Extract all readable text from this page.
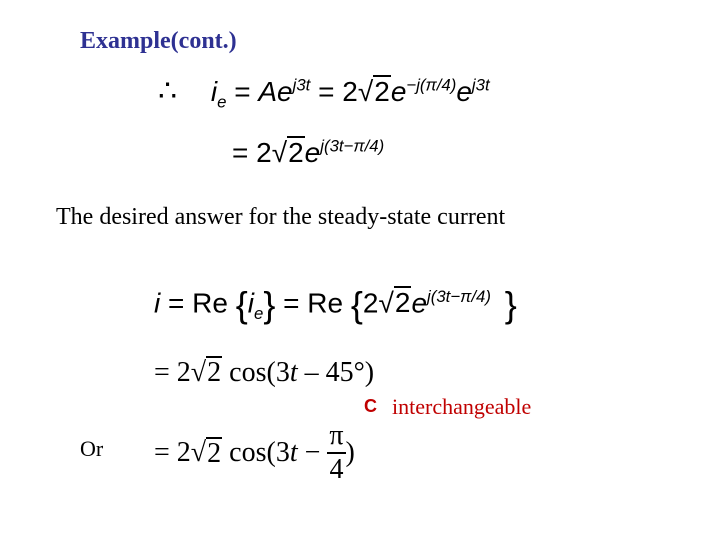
Example(cont.)
∴ $i_e = Ae^{j3t} = 2√2e^{-j(\pi/4)}e^{j3t}$
= $2√2e^{j(3t-\pi/4)}$
The desired answer for the steady-state current
i = Re $\{i_e\} = Re$ {$2√2e^{j(3t-\pi/4)}$ }
= 2√2 cos(3t – 45°)
C interchangeable
Or = 2√2 $\cos(3t - \frac{\pi}{4}$ )
